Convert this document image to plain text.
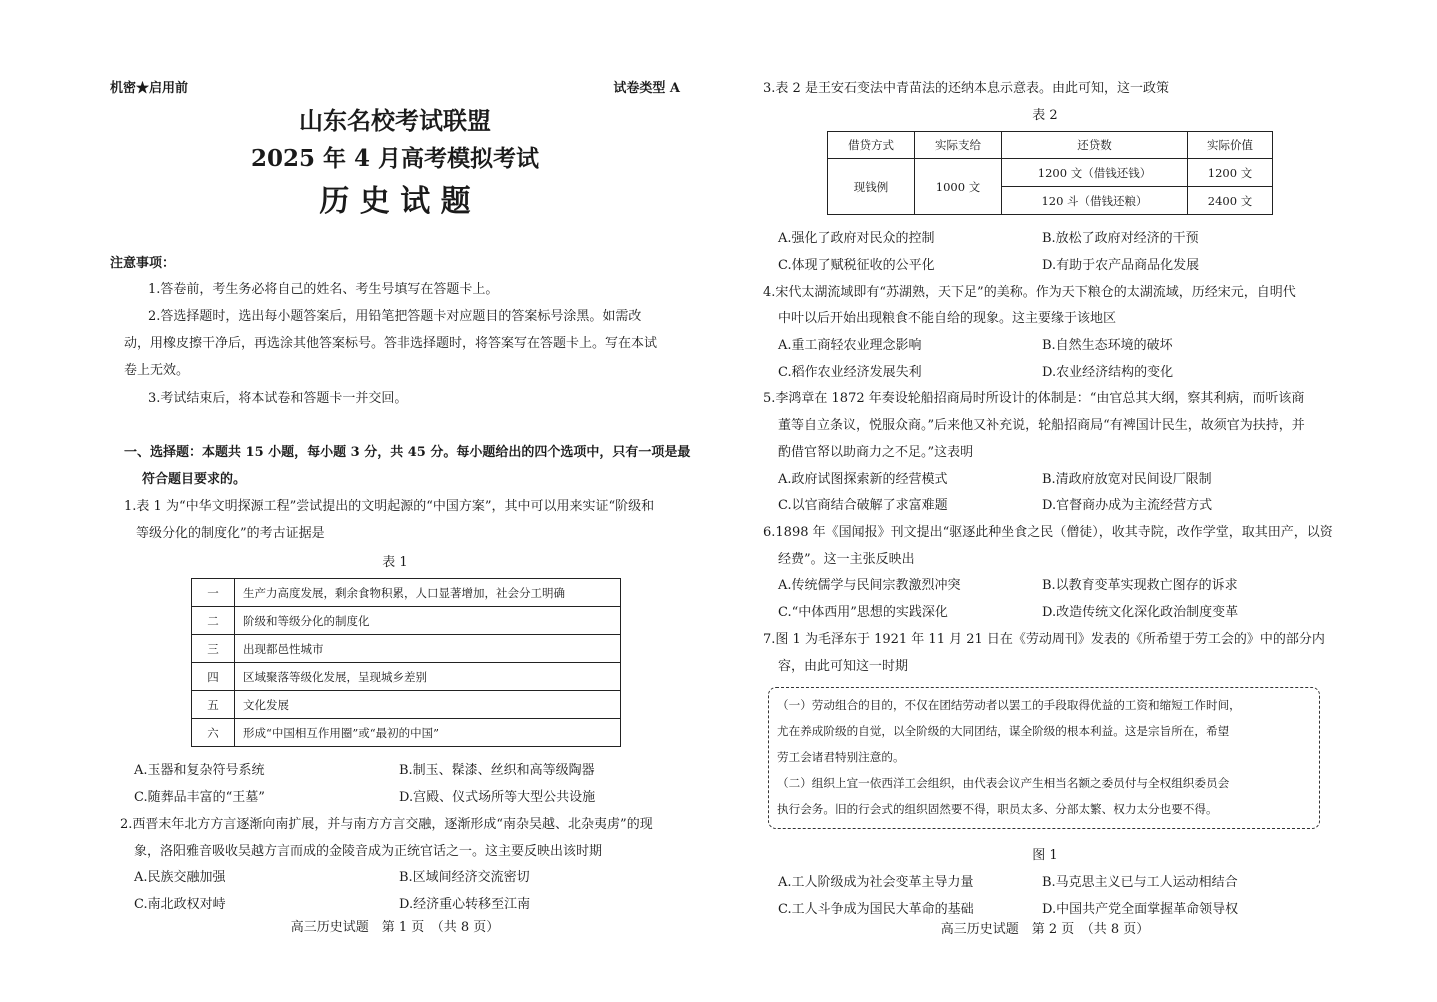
机密★启用前	试卷类型 A
山东名校考试联盟
2025 年 4 月高考模拟考试
历 史 试 题
注意事项：
1.答卷前，考生务必将自己的姓名、考生号填写在答题卡上。
2.答选择题时，选出每小题答案后，用铅笔把答题卡对应题目的答案标号涂黑。如需改
动，用橡皮擦干净后，再选涂其他答案标号。答非选择题时，将答案写在答题卡上。写在本试
卷上无效。
3.考试结束后，将本试卷和答题卡一并交回。
一、选择题：本题共 15 小题，每小题 3 分，共 45 分。每小题给出的四个选项中，只有一项是最
符合题目要求的。
1.表 1 为“中华文明探源工程”尝试提出的文明起源的“中国方案”，其中可以用来实证“阶级和
等级分化的制度化”的考古证据是
表 1
一	生产力高度发展，剩余食物积累，人口显著增加，社会分工明确
二	阶级和等级分化的制度化
三	出现都邑性城市
四	区域聚落等级化发展，呈现城乡差别
五	文化发展
六	形成“中国相互作用圈”或“最初的中国”
A.玉器和复杂符号系统	B.制玉、髹漆、丝织和高等级陶器
C.随葬品丰富的“王墓”	D.宫殿、仪式场所等大型公共设施
2.西晋末年北方方言逐渐向南扩展，并与南方方言交融，逐渐形成“南杂吴越、北杂夷虏”的现
象，洛阳雅音吸收吴越方言而成的金陵音成为正统官话之一。这主要反映出该时期
A.民族交融加强	B.区域间经济交流密切
C.南北政权对峙	D.经济重心转移至江南
高三历史试题　第 1 页　（共 8 页）
3.表 2 是王安石变法中青苗法的还纳本息示意表。由此可知，这一政策
表 2
借贷方式	实际支给	还贷数	实际价值
现钱例	1000 文	1200 文（借钱还钱）	1200 文
		120 斗（借钱还粮）	2400 文
A.强化了政府对民众的控制	B.放松了政府对经济的干预
C.体现了赋税征收的公平化	D.有助于农产品商品化发展
4.宋代太湖流域即有“苏湖熟，天下足”的美称。作为天下粮仓的太湖流域，历经宋元，自明代
中叶以后开始出现粮食不能自给的现象。这主要缘于该地区
A.重工商轻农业理念影响	B.自然生态环境的破坏
C.稻作农业经济发展失利	D.农业经济结构的变化
5.李鸿章在 1872 年奏设轮船招商局时所设计的体制是：“由官总其大纲，察其利病，而听该商
董等自立条议，悦服众商。”后来他又补充说，轮船招商局“有裨国计民生，故须官为扶持，并
酌借官帑以助商力之不足。”这表明
A.政府试图探索新的经营模式	B.清政府放宽对民间设厂限制
C.以官商结合破解了求富难题	D.官督商办成为主流经营方式
6.1898 年《国闻报》刊文提出“驱逐此种坐食之民（僧徒），收其寺院，改作学堂，取其田产，以资
经费”。这一主张反映出
A.传统儒学与民间宗教激烈冲突	B.以教育变革实现救亡图存的诉求
C.“中体西用”思想的实践深化	D.改造传统文化深化政治制度变革
7.图 1 为毛泽东于 1921 年 11 月 21 日在《劳动周刊》发表的《所希望于劳工会的》中的部分内
容，由此可知这一时期
（一）劳动组合的目的，不仅在团结劳动者以罢工的手段取得优益的工资和缩短工作时间，
尤在养成阶级的自觉，以全阶级的大同团结，谋全阶级的根本利益。这是宗旨所在，希望
劳工会诸君特别注意的。
（二）组织上宜一依西洋工会组织，由代表会议产生相当名额之委员付与全权组织委员会
执行会务。旧的行会式的组织固然要不得，职员太多、分部太繁、权力太分也要不得。
图 1
A.工人阶级成为社会变革主导力量	B.马克思主义已与工人运动相结合
C.工人斗争成为国民大革命的基础	D.中国共产党全面掌握革命领导权
高三历史试题　第 2 页　（共 8 页）
